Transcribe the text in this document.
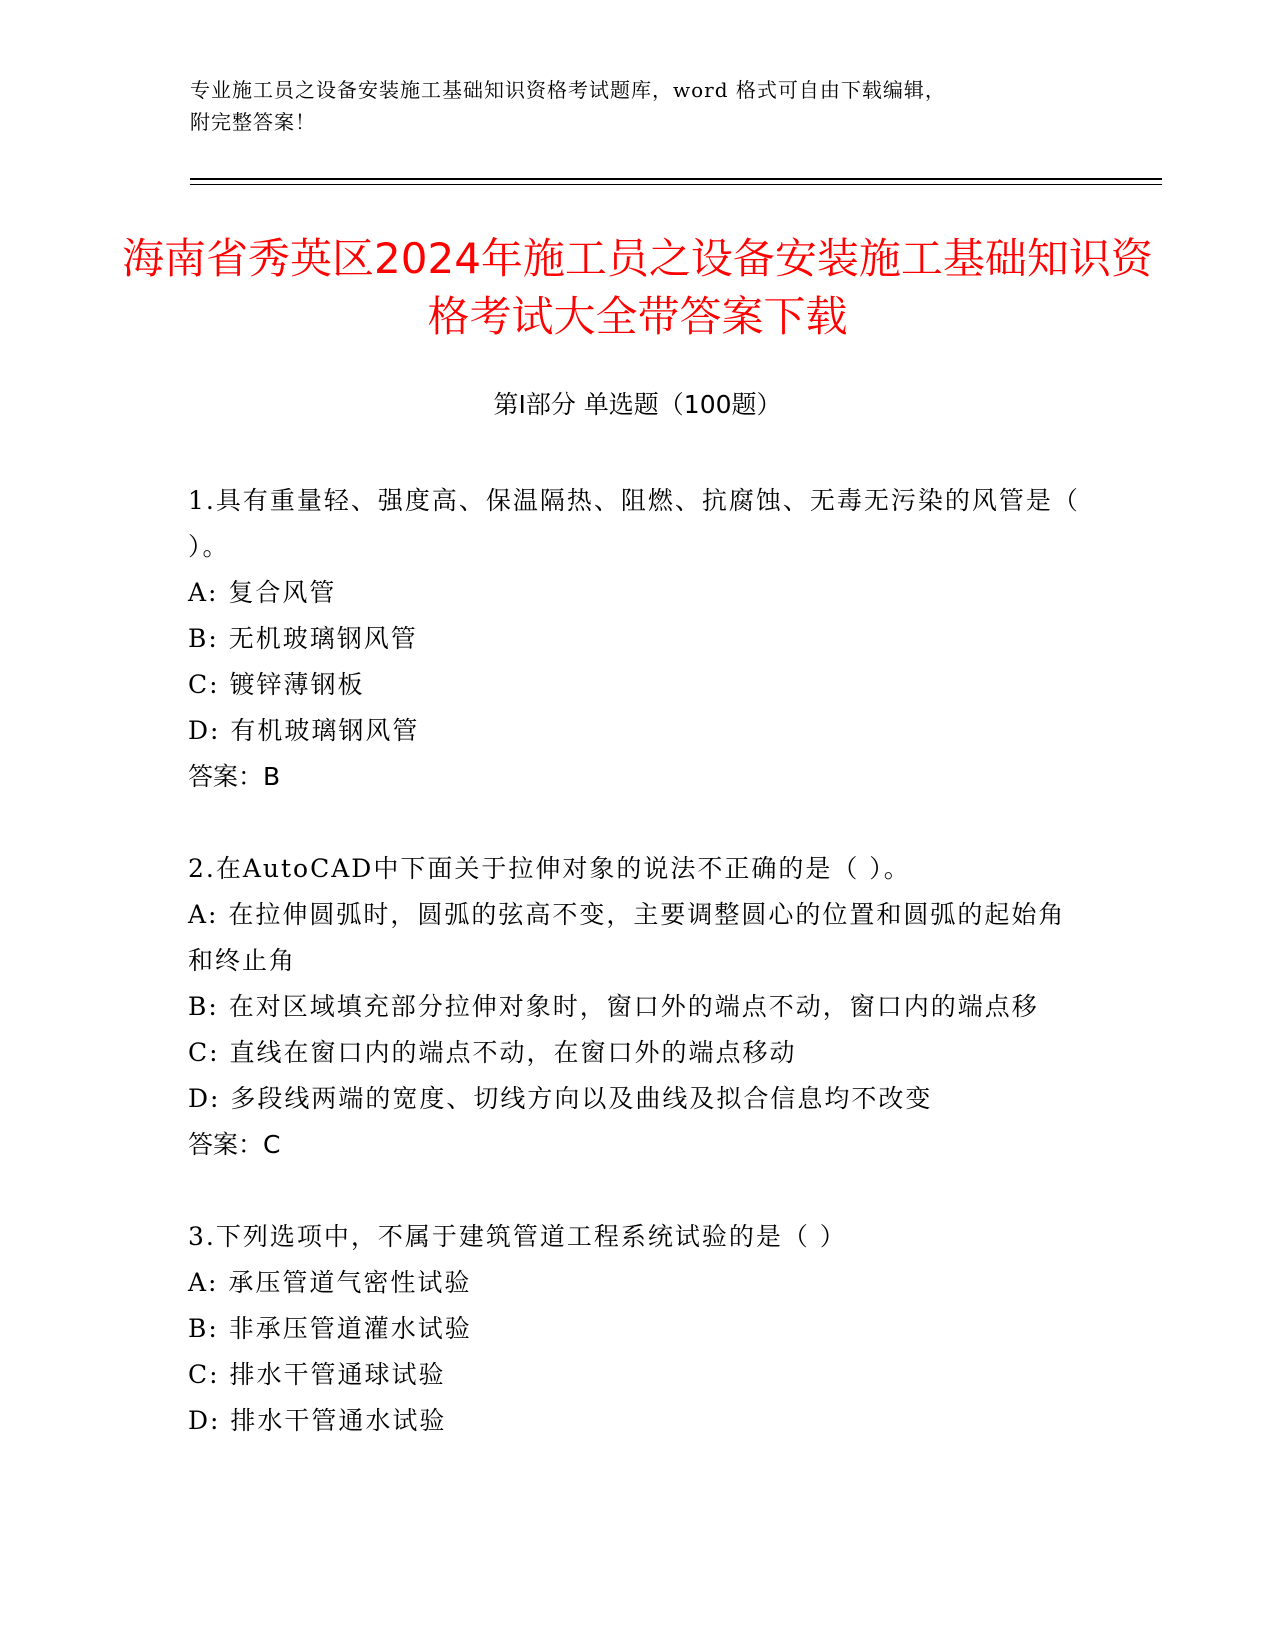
专业施工员之设备安装施工基础知识资格考试题库，word 格式可自由下载编辑，
附完整答案！
海南省秀英区2024年施工员之设备安装施工基础知识资格考试大全带答案下载
第Ⅰ部分 单选题（100题）

1.具有重量轻、强度高、保温隔热、阻燃、抗腐蚀、无毒无污染的风管是（ ）。

A: 复合风管

B: 无机玻璃钢风管

C: 镀锌薄钢板

D: 有机玻璃钢风管

答案：B

2.在AutoCAD中下面关于拉伸对象的说法不正确的是（ ）。

A: 在拉伸圆弧时，圆弧的弦高不变，主要调整圆心的位置和圆弧的起始角和终止角

B: 在对区域填充部分拉伸对象时，窗口外的端点不动，窗口内的端点移

C: 直线在窗口内的端点不动，在窗口外的端点移动

D: 多段线两端的宽度、切线方向以及曲线及拟合信息均不改变

答案：C

3.下列选项中，不属于建筑管道工程系统试验的是（ ）

A: 承压管道气密性试验

B: 非承压管道灌水试验

C: 排水干管通球试验

D: 排水干管通水试验
